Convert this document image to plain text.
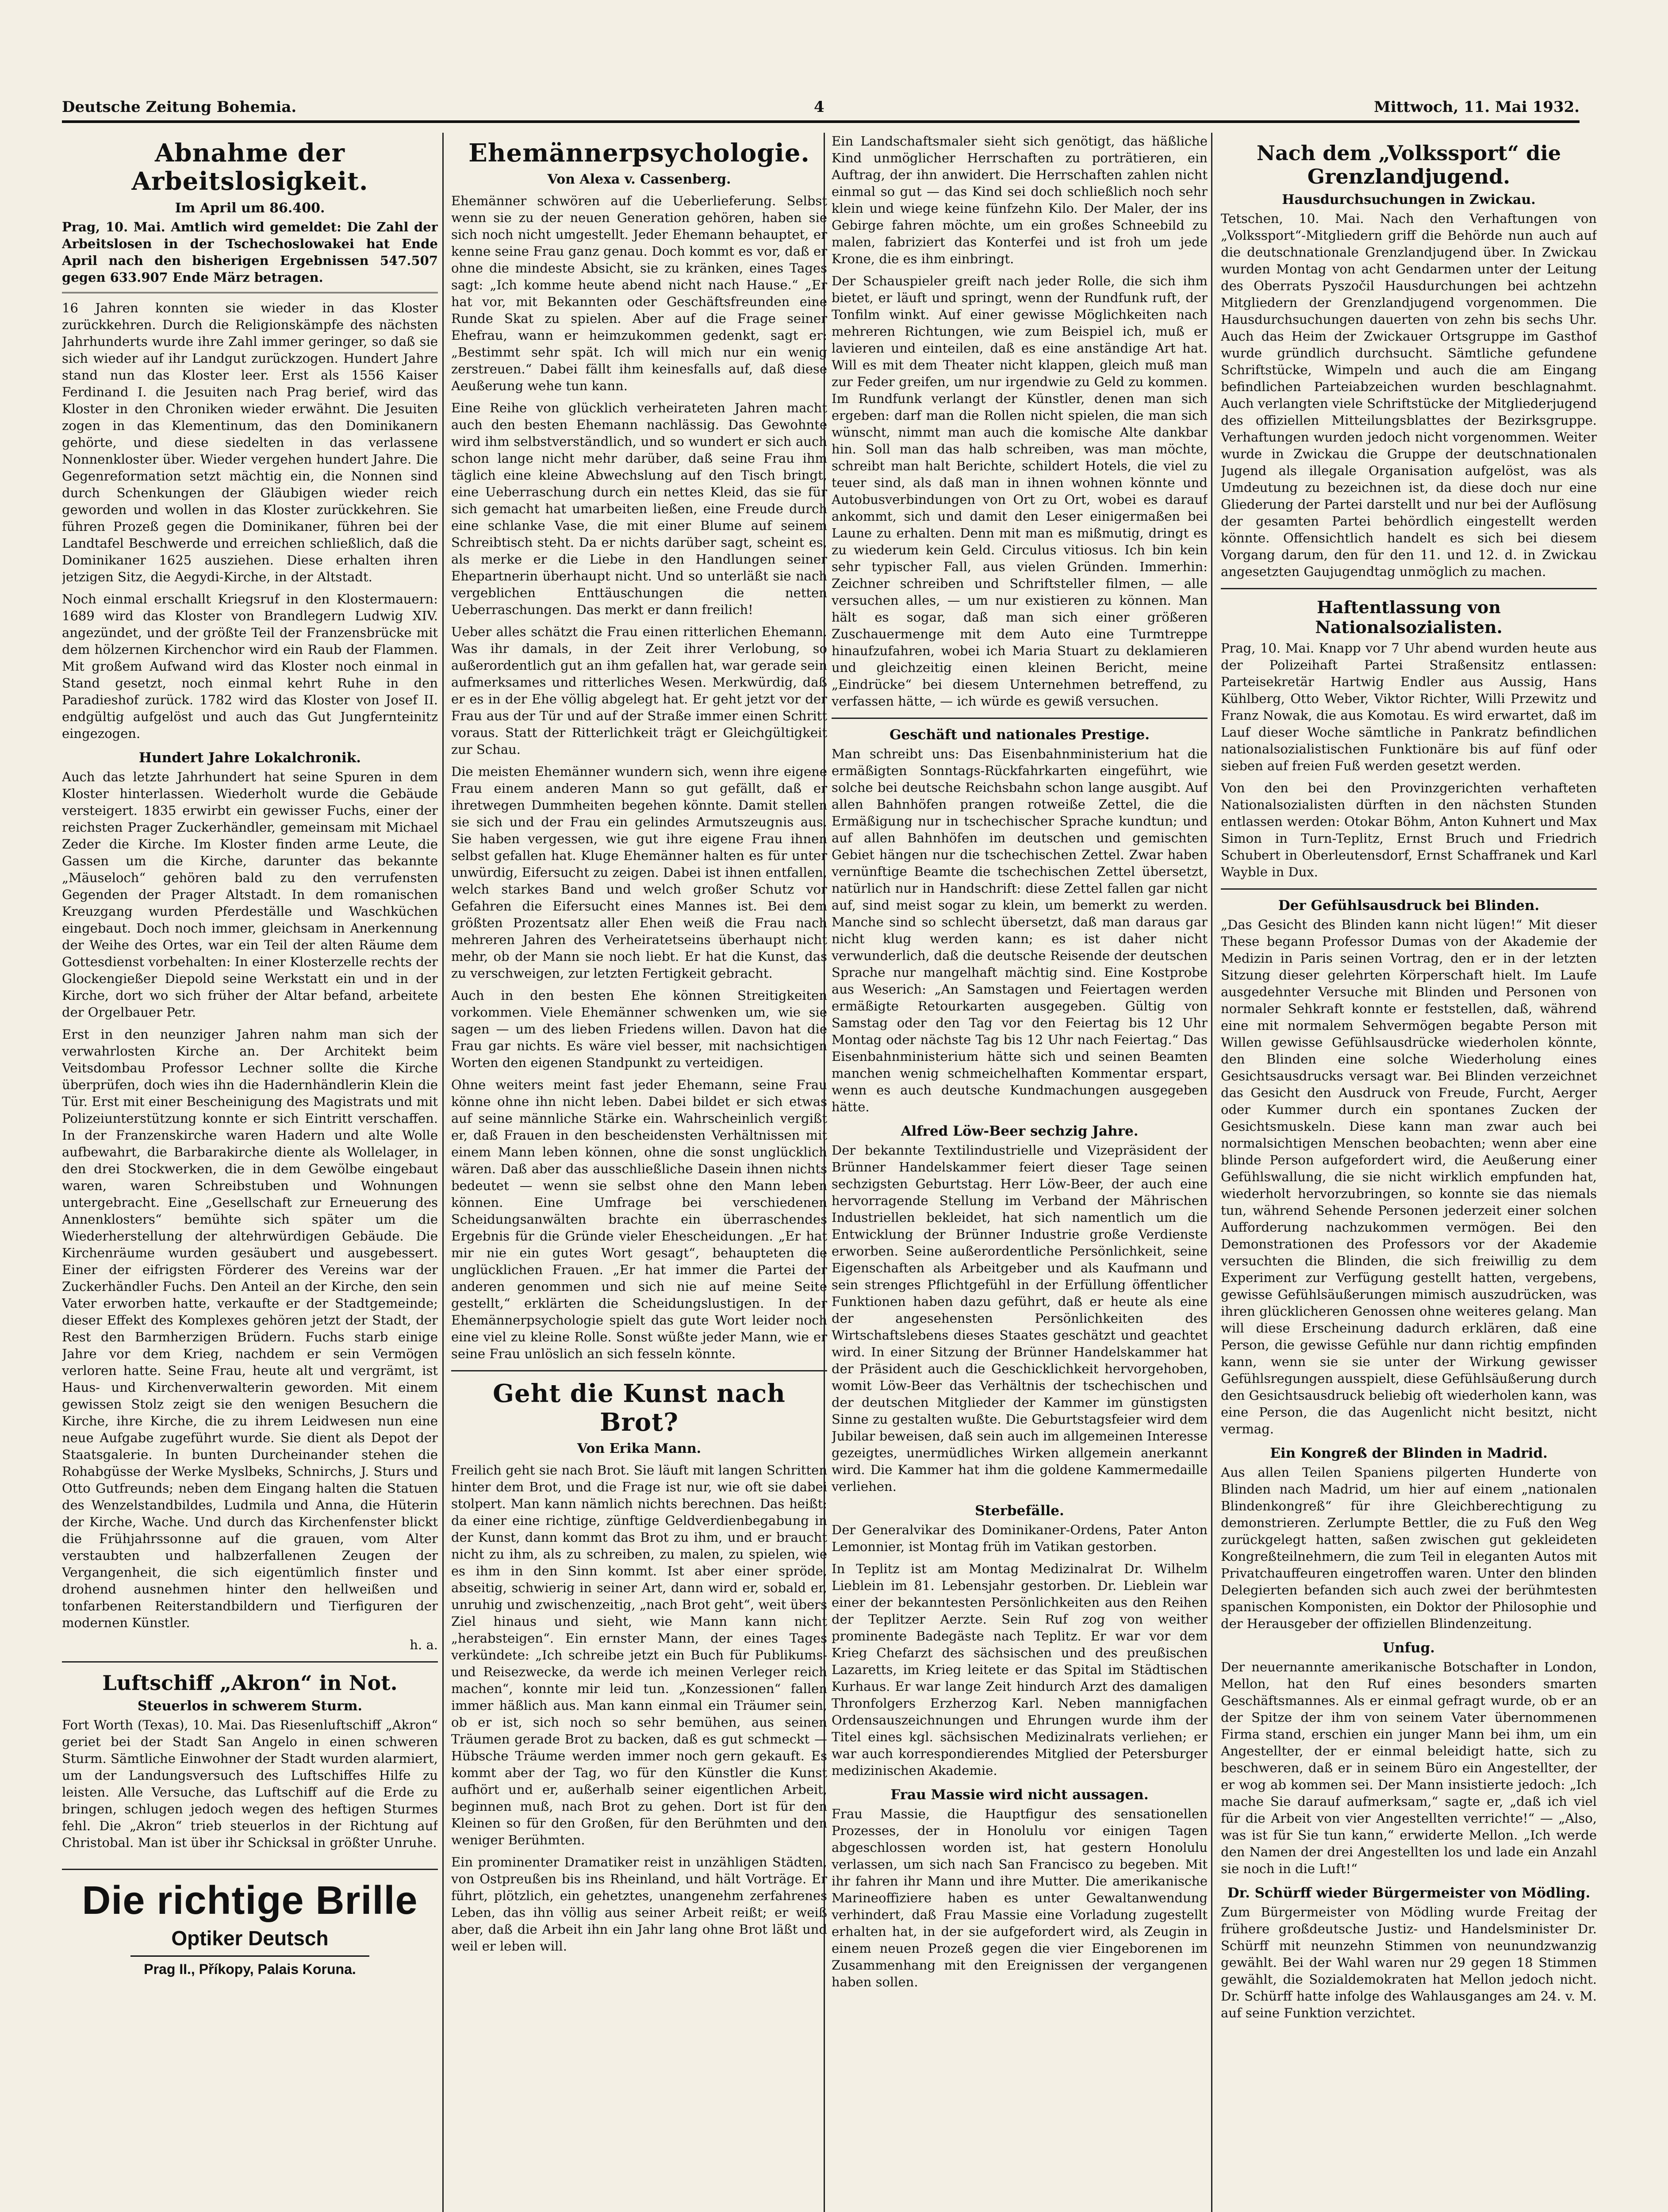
Deutsche Zeitung Bohemia.	4	Mittwoch, 11. Mai 1932.
Abnahme der Arbeitslosigkeit.
Im April um 86.400.

Prag, 10. Mai. Amtlich wird gemeldet: Die Zahl der Arbeitslosen in der Tschechoslowakei hat Ende April nach den bisherigen Ergebnissen 547.507 gegen 633.907 Ende März betragen.

16 Jahren konnten sie wieder in das Kloster zurückkehren. Durch die Religionskämpfe des nächsten Jahrhunderts wurde ihre Zahl immer geringer, so daß sie sich wieder auf ihr Landgut zurückzogen. Hundert Jahre stand nun das Kloster leer. Erst als 1556 Kaiser Ferdinand I. die Jesuiten nach Prag berief, wird das Kloster in den Chroniken wieder erwähnt. Die Jesuiten zogen in das Klementinum, das den Dominikanern gehörte, und diese siedelten in das verlassene Nonnenkloster über. Wieder vergehen hundert Jahre. Die Gegenreformation setzt mächtig ein, die Nonnen sind durch Schenkungen der Gläubigen wieder reich geworden und wollen in das Kloster zurückkehren. Sie führen Prozeß gegen die Dominikaner, führen bei der Landtafel Beschwerde und erreichen schließlich, daß die Dominikaner 1625 ausziehen. Diese erhalten ihren jetzigen Sitz, die Aegydi-Kirche, in der Altstadt.

Noch einmal erschallt Kriegsruf in den Klostermauern: 1689 wird das Kloster von Brandlegern Ludwig XIV. angezündet, und der größte Teil der Franzensbrücke mit dem hölzernen Kirchenchor wird ein Raub der Flammen. Mit großem Aufwand wird das Kloster noch einmal in Stand gesetzt, noch einmal kehrt Ruhe in den Paradieshof zurück. 1782 wird das Kloster von Josef II. endgültig aufgelöst und auch das Gut Jungfernteinitz eingezogen.

Hundert Jahre Lokalchronik.

Auch das letzte Jahrhundert hat seine Spuren in dem Kloster hinterlassen. Wiederholt wurde die Gebäude versteigert. 1835 erwirbt ein gewisser Fuchs, einer der reichsten Prager Zuckerhändler, gemeinsam mit Michael Zeder die Kirche. Im Kloster finden arme Leute, die Gassen um die Kirche, darunter das bekannte „Mäuseloch“ gehören bald zu den verrufensten Gegenden der Prager Altstadt. In dem romanischen Kreuzgang wurden Pferdeställe und Waschküchen eingebaut. Doch noch immer, gleichsam in Anerkennung der Weihe des Ortes, war ein Teil der alten Räume dem Gottesdienst vorbehalten: In einer Klosterzelle rechts der Glockengießer Diepold seine Werkstatt ein und in der Kirche, dort wo sich früher der Altar befand, arbeitete der Orgelbauer Petr.

Erst in den neunziger Jahren nahm man sich der verwahrlosten Kirche an. Der Architekt beim Veitsdombau Professor Lechner sollte die Kirche überprüfen, doch wies ihn die Hadernhändlerin Klein die Tür. Erst mit einer Bescheinigung des Magistrats und mit Polizeiunterstützung konnte er sich Eintritt verschaffen. In der Franzenskirche waren Hadern und alte Wolle aufbewahrt, die Barbarakirche diente als Wollelager, in den drei Stockwerken, die in dem Gewölbe eingebaut waren, waren Schreibstuben und Wohnungen untergebracht. Eine „Gesellschaft zur Erneuerung des Annenklosters“ bemühte sich später um die Wiederherstellung der altehrwürdigen Gebäude. Die Kirchenräume wurden gesäubert und ausgebessert. Einer der eifrigsten Förderer des Vereins war der Zuckerhändler Fuchs. Den Anteil an der Kirche, den sein Vater erworben hatte, verkaufte er der Stadtgemeinde; dieser Effekt des Komplexes gehören jetzt der Stadt, der Rest den Barmherzigen Brüdern. Fuchs starb einige Jahre vor dem Krieg, nachdem er sein Vermögen verloren hatte. Seine Frau, heute alt und vergrämt, ist Haus- und Kirchenverwalterin geworden. Mit einem gewissen Stolz zeigt sie den wenigen Besuchern die Kirche, ihre Kirche, die zu ihrem Leidwesen nun eine neue Aufgabe zugeführt wurde. Sie dient als Depot der Staatsgalerie. In bunten Durcheinander stehen die Rohabgüsse der Werke Myslbeks, Schnirchs, J. Sturs und Otto Gutfreunds; neben dem Eingang halten die Statuen des Wenzelstandbildes, Ludmila und Anna, die Hüterin der Kirche, Wache. Und durch das Kirchenfenster blickt die Frühjahrssonne auf die grauen, vom Alter verstaubten und halbzerfallenen Zeugen der Vergangenheit, die sich eigentümlich finster und drohend ausnehmen hinter den hellweißen und tonfarbenen Reiterstandbildern und Tierfiguren der modernen Künstler.

h. a.

Luftschiff „Akron“ in Not.
Steuerlos in schwerem Sturm.

Fort Worth (Texas), 10. Mai. Das Riesenluftschiff „Akron“ geriet bei der Stadt San Angelo in einen schweren Sturm. Sämtliche Einwohner der Stadt wurden alarmiert, um der Landungsversuch des Luftschiffes Hilfe zu leisten. Alle Versuche, das Luftschiff auf die Erde zu bringen, schlugen jedoch wegen des heftigen Sturmes fehl. Die „Akron“ trieb steuerlos in der Richtung auf Christobal. Man ist über ihr Schicksal in größter Unruhe.

Die richtige Brille
Optiker Deutsch
Prag II., Příkopy, Palais Koruna.
Ehemännerpsychologie.
Von Alexa v. Cassenberg.

Ehemänner schwören auf die Ueberlieferung. Selbst wenn sie zu der neuen Generation gehören, haben sie sich noch nicht umgestellt. Jeder Ehemann behauptet, er kenne seine Frau ganz genau. Doch kommt es vor, daß er ohne die mindeste Absicht, sie zu kränken, eines Tages sagt: „Ich komme heute abend nicht nach Hause.“ „Er hat vor, mit Bekannten oder Geschäftsfreunden eine Runde Skat zu spielen. Aber auf die Frage seiner Ehefrau, wann er heimzukommen gedenkt, sagt er: „Bestimmt sehr spät. Ich will mich nur ein wenig zerstreuen.“ Dabei fällt ihm keinesfalls auf, daß diese Aeußerung wehe tun kann.

Eine Reihe von glücklich verheirateten Jahren macht auch den besten Ehemann nachlässig. Das Gewohnte wird ihm selbstverständlich, und so wundert er sich auch schon lange nicht mehr darüber, daß seine Frau ihm täglich eine kleine Abwechslung auf den Tisch bringt, eine Ueberraschung durch ein nettes Kleid, das sie für sich gemacht hat umarbeiten ließen, eine Freude durch eine schlanke Vase, die mit einer Blume auf seinem Schreibtisch steht. Da er nichts darüber sagt, scheint es, als merke er die Liebe in den Handlungen seiner Ehepartnerin überhaupt nicht. Und so unterläßt sie nach vergeblichen Enttäuschungen die netten Ueberraschungen. Das merkt er dann freilich!

Ueber alles schätzt die Frau einen ritterlichen Ehemann. Was ihr damals, in der Zeit ihrer Verlobung, so außerordentlich gut an ihm gefallen hat, war gerade sein aufmerksames und ritterliches Wesen. Merkwürdig, daß er es in der Ehe völlig abgelegt hat. Er geht jetzt vor der Frau aus der Tür und auf der Straße immer einen Schritt voraus. Statt der Ritterlichkeit trägt er Gleichgültigkeit zur Schau.

Die meisten Ehemänner wundern sich, wenn ihre eigene Frau einem anderen Mann so gut gefällt, daß er ihretwegen Dummheiten begehen könnte. Damit stellen sie sich und der Frau ein gelindes Armutszeugnis aus. Sie haben vergessen, wie gut ihre eigene Frau ihnen selbst gefallen hat. Kluge Ehemänner halten es für unter unwürdig, Eifersucht zu zeigen. Dabei ist ihnen entfallen, welch starkes Band und welch großer Schutz vor Gefahren die Eifersucht eines Mannes ist. Bei dem größten Prozentsatz aller Ehen weiß die Frau nach mehreren Jahren des Verheiratetseins überhaupt nicht mehr, ob der Mann sie noch liebt. Er hat die Kunst, das zu verschweigen, zur letzten Fertigkeit gebracht.

Auch in den besten Ehe können Streitigkeiten vorkommen. Viele Ehemänner schwenken um, wie sie sagen — um des lieben Friedens willen. Davon hat die Frau gar nichts. Es wäre viel besser, mit nachsichtigen Worten den eigenen Standpunkt zu verteidigen.

Ohne weiters meint fast jeder Ehemann, seine Frau könne ohne ihn nicht leben. Dabei bildet er sich etwas auf seine männliche Stärke ein. Wahrscheinlich vergißt er, daß Frauen in den bescheidensten Verhältnissen mit einem Mann leben können, ohne die sonst unglücklich wären. Daß aber das ausschließliche Dasein ihnen nichts bedeutet — wenn sie selbst ohne den Mann leben können. Eine Umfrage bei verschiedenen Scheidungsanwälten brachte ein überraschendes Ergebnis für die Gründe vieler Ehescheidungen. „Er hat mir nie ein gutes Wort gesagt“, behaupteten die unglücklichen Frauen. „Er hat immer die Partei der anderen genommen und sich nie auf meine Seite gestellt,“ erklärten die Scheidungslustigen. In der Ehemännerpsychologie spielt das gute Wort leider noch eine viel zu kleine Rolle. Sonst wüßte jeder Mann, wie er seine Frau unlöslich an sich fesseln könnte.

Geht die Kunst nach Brot?
Von Erika Mann.

Freilich geht sie nach Brot. Sie läuft mit langen Schritten hinter dem Brot, und die Frage ist nur, wie oft sie dabei stolpert. Man kann nämlich nichts berechnen. Das heißt: da einer eine richtige, zünftige Geldverdienbegabung in der Kunst, dann kommt das Brot zu ihm, und er braucht nicht zu ihm, als zu schreiben, zu malen, zu spielen, wie es ihm in den Sinn kommt. Ist aber einer spröde, abseitig, schwierig in seiner Art, dann wird er, sobald er, unruhig und zwischenzeitig, „nach Brot geht“, weit übers Ziel hinaus und sieht, wie Mann kann nicht „herabsteigen“. Ein ernster Mann, der eines Tages verkündete: „Ich schreibe jetzt ein Buch für Publikums- und Reisezwecke, da werde ich meinen Verleger reich machen“, konnte mir leid tun. „Konzessionen“ fallen immer häßlich aus. Man kann einmal ein Träumer sein, ob er ist, sich noch so sehr bemühen, aus seinen Träumen gerade Brot zu backen, daß es gut schmeckt — Hübsche Träume werden immer noch gern gekauft. Es kommt aber der Tag, wo für den Künstler die Kunst aufhört und er, außerhalb seiner eigentlichen Arbeit, beginnen muß, nach Brot zu gehen. Dort ist für den Kleinen so für den Großen, für den Berühmten und den weniger Berühmten.

Ein prominenter Dramatiker reist in unzähligen Städten, von Ostpreußen bis ins Rheinland, und hält Vorträge. Er führt, plötzlich, ein gehetztes, unangenehm zerfahrenes Leben, das ihn völlig aus seiner Arbeit reißt; er weiß aber, daß die Arbeit ihn ein Jahr lang ohne Brot läßt und weil er leben will.

Ein Landschaftsmaler sieht sich genötigt, das häßliche Kind unmöglicher Herrschaften zu porträtieren, ein Auftrag, der ihn anwidert. Die Herrschaften zahlen nicht einmal so gut — das Kind sei doch schließlich noch sehr klein und wiege keine fünfzehn Kilo. Der Maler, der ins Gebirge fahren möchte, um ein großes Schneebild zu malen, fabriziert das Konterfei und ist froh um jede Krone, die es ihm einbringt.

Der Schauspieler greift nach jeder Rolle, die sich ihm bietet, er läuft und springt, wenn der Rundfunk ruft, der Tonfilm winkt. Auf einer gewisse Möglichkeiten nach mehreren Richtungen, wie zum Beispiel ich, muß er lavieren und einteilen, daß es eine anständige Art hat. Will es mit dem Theater nicht klappen, gleich muß man zur Feder greifen, um nur irgendwie zu Geld zu kommen. Im Rundfunk verlangt der Künstler, denen man sich ergeben: darf man die Rollen nicht spielen, die man sich wünscht, nimmt man auch die komische Alte dankbar hin. Soll man das halb schreiben, was man möchte, schreibt man halt Berichte, schildert Hotels, die viel zu teuer sind, als daß man in ihnen wohnen könnte und Autobusverbindungen von Ort zu Ort, wobei es darauf ankommt, sich und damit den Leser einigermaßen bei Laune zu erhalten. Denn mit man es mißmutig, dringt es zu wiederum kein Geld. Circulus vitiosus. Ich bin kein sehr typischer Fall, aus vielen Gründen. Immerhin: Zeichner schreiben und Schriftsteller filmen, — alle versuchen alles, — um nur existieren zu können. Man hält es sogar, daß man sich einer größeren Zuschauermenge mit dem Auto eine Turmtreppe hinaufzufahren, wobei ich Maria Stuart zu deklamieren und gleichzeitig einen kleinen Bericht, meine „Eindrücke“ bei diesem Unternehmen betreffend, zu verfassen hätte, — ich würde es gewiß versuchen.

Geschäft und nationales Prestige.

Man schreibt uns: Das Eisenbahnministerium hat die ermäßigten Sonntags-Rückfahrkarten eingeführt, wie solche bei deutsche Reichsbahn schon lange ausgibt. Auf allen Bahnhöfen prangen rotweiße Zettel, die die Ermäßigung nur in tschechischer Sprache kundtun; und auf allen Bahnhöfen im deutschen und gemischten Gebiet hängen nur die tschechischen Zettel. Zwar haben vernünftige Beamte die tschechischen Zettel übersetzt, natürlich nur in Handschrift: diese Zettel fallen gar nicht auf, sind meist sogar zu klein, um bemerkt zu werden. Manche sind so schlecht übersetzt, daß man daraus gar nicht klug werden kann; es ist daher nicht verwunderlich, daß die deutsche Reisende der deutschen Sprache nur mangelhaft mächtig sind. Eine Kostprobe aus Weserich: „An Samstagen und Feiertagen werden ermäßigte Retourkarten ausgegeben. Gültig von Samstag oder den Tag vor den Feiertag bis 12 Uhr Montag oder nächste Tag bis 12 Uhr nach Feiertag.“ Das Eisenbahnministerium hätte sich und seinen Beamten manchen wenig schmeichelhaften Kommentar erspart, wenn es auch deutsche Kundmachungen ausgegeben hätte.

Alfred Löw-Beer sechzig Jahre.

Der bekannte Textilindustrielle und Vizepräsident der Brünner Handelskammer feiert dieser Tage seinen sechzigsten Geburtstag. Herr Löw-Beer, der auch eine hervorragende Stellung im Verband der Mährischen Industriellen bekleidet, hat sich namentlich um die Entwicklung der Brünner Industrie große Verdienste erworben. Seine außerordentliche Persönlichkeit, seine Eigenschaften als Arbeitgeber und als Kaufmann und sein strenges Pflichtgefühl in der Erfüllung öffentlicher Funktionen haben dazu geführt, daß er heute als eine der angesehensten Persönlichkeiten des Wirtschaftslebens dieses Staates geschätzt und geachtet wird. In einer Sitzung der Brünner Handelskammer hat der Präsident auch die Geschicklichkeit hervorgehoben, womit Löw-Beer das Verhältnis der tschechischen und der deutschen Mitglieder der Kammer im günstigsten Sinne zu gestalten wußte. Die Geburtstagsfeier wird dem Jubilar beweisen, daß sein auch im allgemeinen Interesse gezeigtes, unermüdliches Wirken allgemein anerkannt wird. Die Kammer hat ihm die goldene Kammermedaille verliehen.

Sterbefälle.

Der Generalvikar des Dominikaner-Ordens, Pater Anton Lemonnier, ist Montag früh im Vatikan gestorben.

In Teplitz ist am Montag Medizinalrat Dr. Wilhelm Lieblein im 81. Lebensjahr gestorben. Dr. Lieblein war einer der bekanntesten Persönlichkeiten aus den Reihen der Teplitzer Aerzte. Sein Ruf zog von weither prominente Badegäste nach Teplitz. Er war vor dem Krieg Chefarzt des sächsischen und des preußischen Lazaretts, im Krieg leitete er das Spital im Städtischen Kurhaus. Er war lange Zeit hindurch Arzt des damaligen Thronfolgers Erzherzog Karl. Neben mannigfachen Ordensauszeichnungen und Ehrungen wurde ihm der Titel eines kgl. sächsischen Medizinalrats verliehen; er war auch korrespondierendes Mitglied der Petersburger medizinischen Akademie.

Frau Massie wird nicht aussagen.

Frau Massie, die Hauptfigur des sensationellen Prozesses, der in Honolulu vor einigen Tagen abgeschlossen worden ist, hat gestern Honolulu verlassen, um sich nach San Francisco zu begeben. Mit ihr fahren ihr Mann und ihre Mutter. Die amerikanische Marineoffiziere haben es unter Gewaltanwendung verhindert, daß Frau Massie eine Vorladung zugestellt erhalten hat, in der sie aufgefordert wird, als Zeugin in einem neuen Prozeß gegen die vier Eingeborenen im Zusammenhang mit den Ereignissen der vergangenen haben sollen.

Nach dem „Volkssport“ die Grenzlandjugend.
Hausdurchsuchungen in Zwickau.

Tetschen, 10. Mai. Nach den Verhaftungen von „Volkssport“-Mitgliedern griff die Behörde nun auch auf die deutschnationale Grenzlandjugend über. In Zwickau wurden Montag von acht Gendarmen unter der Leitung des Oberrats Pyszočil Hausdurchungen bei achtzehn Mitgliedern der Grenzlandjugend vorgenommen. Die Hausdurchsuchungen dauerten von zehn bis sechs Uhr. Auch das Heim der Zwickauer Ortsgruppe im Gasthof wurde gründlich durchsucht. Sämtliche gefundene Schriftstücke, Wimpeln und auch die am Eingang befindlichen Parteiabzeichen wurden beschlagnahmt. Auch verlangten viele Schriftstücke der Mitgliederjugend des offiziellen Mitteilungsblattes der Bezirksgruppe. Verhaftungen wurden jedoch nicht vorgenommen. Weiter wurde in Zwickau die Gruppe der deutschnationalen Jugend als illegale Organisation aufgelöst, was als Umdeutung zu bezeichnen ist, da diese doch nur eine Gliederung der Partei darstellt und nur bei der Auflösung der gesamten Partei behördlich eingestellt werden könnte. Offensichtlich handelt es sich bei diesem Vorgang darum, den für den 11. und 12. d. in Zwickau angesetzten Gaujugendtag unmöglich zu machen.

Haftentlassung von Nationalsozialisten.

Prag, 10. Mai. Knapp vor 7 Uhr abend wurden heute aus der Polizeihaft Partei Straßensitz entlassen: Parteisekretär Hartwig Endler aus Aussig, Hans Kühlberg, Otto Weber, Viktor Richter, Willi Przewitz und Franz Nowak, die aus Komotau. Es wird erwartet, daß im Lauf dieser Woche sämtliche in Pankratz befindlichen nationalsozialistischen Funktionäre bis auf fünf oder sieben auf freien Fuß werden gesetzt werden.

Von den bei den Provinzgerichten verhafteten Nationalsozialisten dürften in den nächsten Stunden entlassen werden: Otokar Böhm, Anton Kuhnert und Max Simon in Turn-Teplitz, Ernst Bruch und Friedrich Schubert in Oberleutensdorf, Ernst Schaffranek und Karl Wayble in Dux.

Der Gefühlsausdruck bei Blinden.

„Das Gesicht des Blinden kann nicht lügen!“ Mit dieser These begann Professor Dumas von der Akademie der Medizin in Paris seinen Vortrag, den er in der letzten Sitzung dieser gelehrten Körperschaft hielt. Im Laufe ausgedehnter Versuche mit Blinden und Personen von normaler Sehkraft konnte er feststellen, daß, während eine mit normalem Sehvermögen begabte Person mit Willen gewisse Gefühlsausdrücke wiederholen könnte, den Blinden eine solche Wiederholung eines Gesichtsausdrucks versagt war. Bei Blinden verzeichnet das Gesicht den Ausdruck von Freude, Furcht, Aerger oder Kummer durch ein spontanes Zucken der Gesichtsmuskeln. Diese kann man zwar auch bei normalsichtigen Menschen beobachten; wenn aber eine blinde Person aufgefordert wird, die Aeußerung einer Gefühlswallung, die sie nicht wirklich empfunden hat, wiederholt hervorzubringen, so konnte sie das niemals tun, während Sehende Personen jederzeit einer solchen Aufforderung nachzukommen vermögen. Bei den Demonstrationen des Professors vor der Akademie versuchten die Blinden, die sich freiwillig zu dem Experiment zur Verfügung gestellt hatten, vergebens, gewisse Gefühlsäußerungen mimisch auszudrücken, was ihren glücklicheren Genossen ohne weiteres gelang. Man will diese Erscheinung dadurch erklären, daß eine Person, die gewisse Gefühle nur dann richtig empfinden kann, wenn sie sie unter der Wirkung gewisser Gefühlsregungen ausspielt, diese Gefühlsäußerung durch den Gesichtsausdruck beliebig oft wiederholen kann, was eine Person, die das Augenlicht nicht besitzt, nicht vermag.

Ein Kongreß der Blinden in Madrid.

Aus allen Teilen Spaniens pilgerten Hunderte von Blinden nach Madrid, um hier auf einem „nationalen Blindenkongreß“ für ihre Gleichberechtigung zu demonstrieren. Zerlumpte Bettler, die zu Fuß den Weg zurückgelegt hatten, saßen zwischen gut gekleideten Kongreßteilnehmern, die zum Teil in eleganten Autos mit Privatchauffeuren eingetroffen waren. Unter den blinden Delegierten befanden sich auch zwei der berühmtesten spanischen Komponisten, ein Doktor der Philosophie und der Herausgeber der offiziellen Blindenzeitung.

Unfug.

Der neuernannte amerikanische Botschafter in London, Mellon, hat den Ruf eines besonders smarten Geschäftsmannes. Als er einmal gefragt wurde, ob er an der Spitze der ihm von seinem Vater übernommenen Firma stand, erschien ein junger Mann bei ihm, um ein Angestellter, der er einmal beleidigt hatte, sich zu beschweren, daß er in seinem Büro ein Angestellter, der er wog ab kommen sei. Der Mann insistierte jedoch: „Ich mache Sie darauf aufmerksam,“ sagte er, „daß ich viel für die Arbeit von vier Angestellten verrichte!“ — „Also, was ist für Sie tun kann,“ erwiderte Mellon. „Ich werde den Namen der drei Angestellten los und lade ein Anzahl sie noch in die Luft!“

Dr. Schürff wieder Bürgermeister von Mödling.

Zum Bürgermeister von Mödling wurde Freitag der frühere großdeutsche Justiz- und Handelsminister Dr. Schürff mit neunzehn Stimmen von neunundzwanzig gewählt. Bei der Wahl waren nur 29 gegen 18 Stimmen gewählt, die Sozialdemokraten hat Mellon jedoch nicht. Dr. Schürff hatte infolge des Wahlausganges am 24. v. M. auf seine Funktion verzichtet.
